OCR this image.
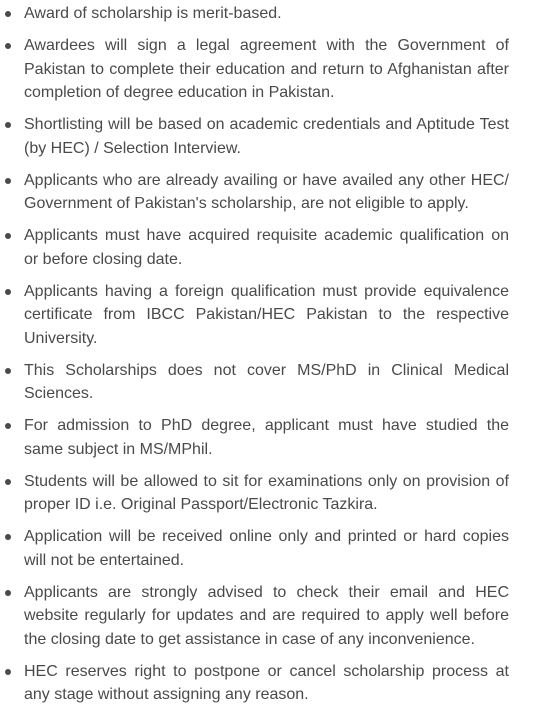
Award of scholarship is merit-based.
Awardees will sign a legal agreement with the Government of Pakistan to complete their education and return to Afghanistan after completion of degree education in Pakistan.
Shortlisting will be based on academic credentials and Aptitude Test (by HEC) / Selection Interview.
Applicants who are already availing or have availed any other HEC/ Government of Pakistan's scholarship, are not eligible to apply.
Applicants must have acquired requisite academic qualification on or before closing date.
Applicants having a foreign qualification must provide equivalence certificate from IBCC Pakistan/HEC Pakistan to the respective University.
This Scholarships does not cover MS/PhD in Clinical Medical Sciences.
For admission to PhD degree, applicant must have studied the same subject in MS/MPhil.
Students will be allowed to sit for examinations only on provision of proper ID i.e. Original Passport/Electronic Tazkira.
Application will be received online only and printed or hard copies will not be entertained.
Applicants are strongly advised to check their email and HEC website regularly for updates and are required to apply well before the closing date to get assistance in case of any inconvenience.
HEC reserves right to postpone or cancel scholarship process at any stage without assigning any reason.
